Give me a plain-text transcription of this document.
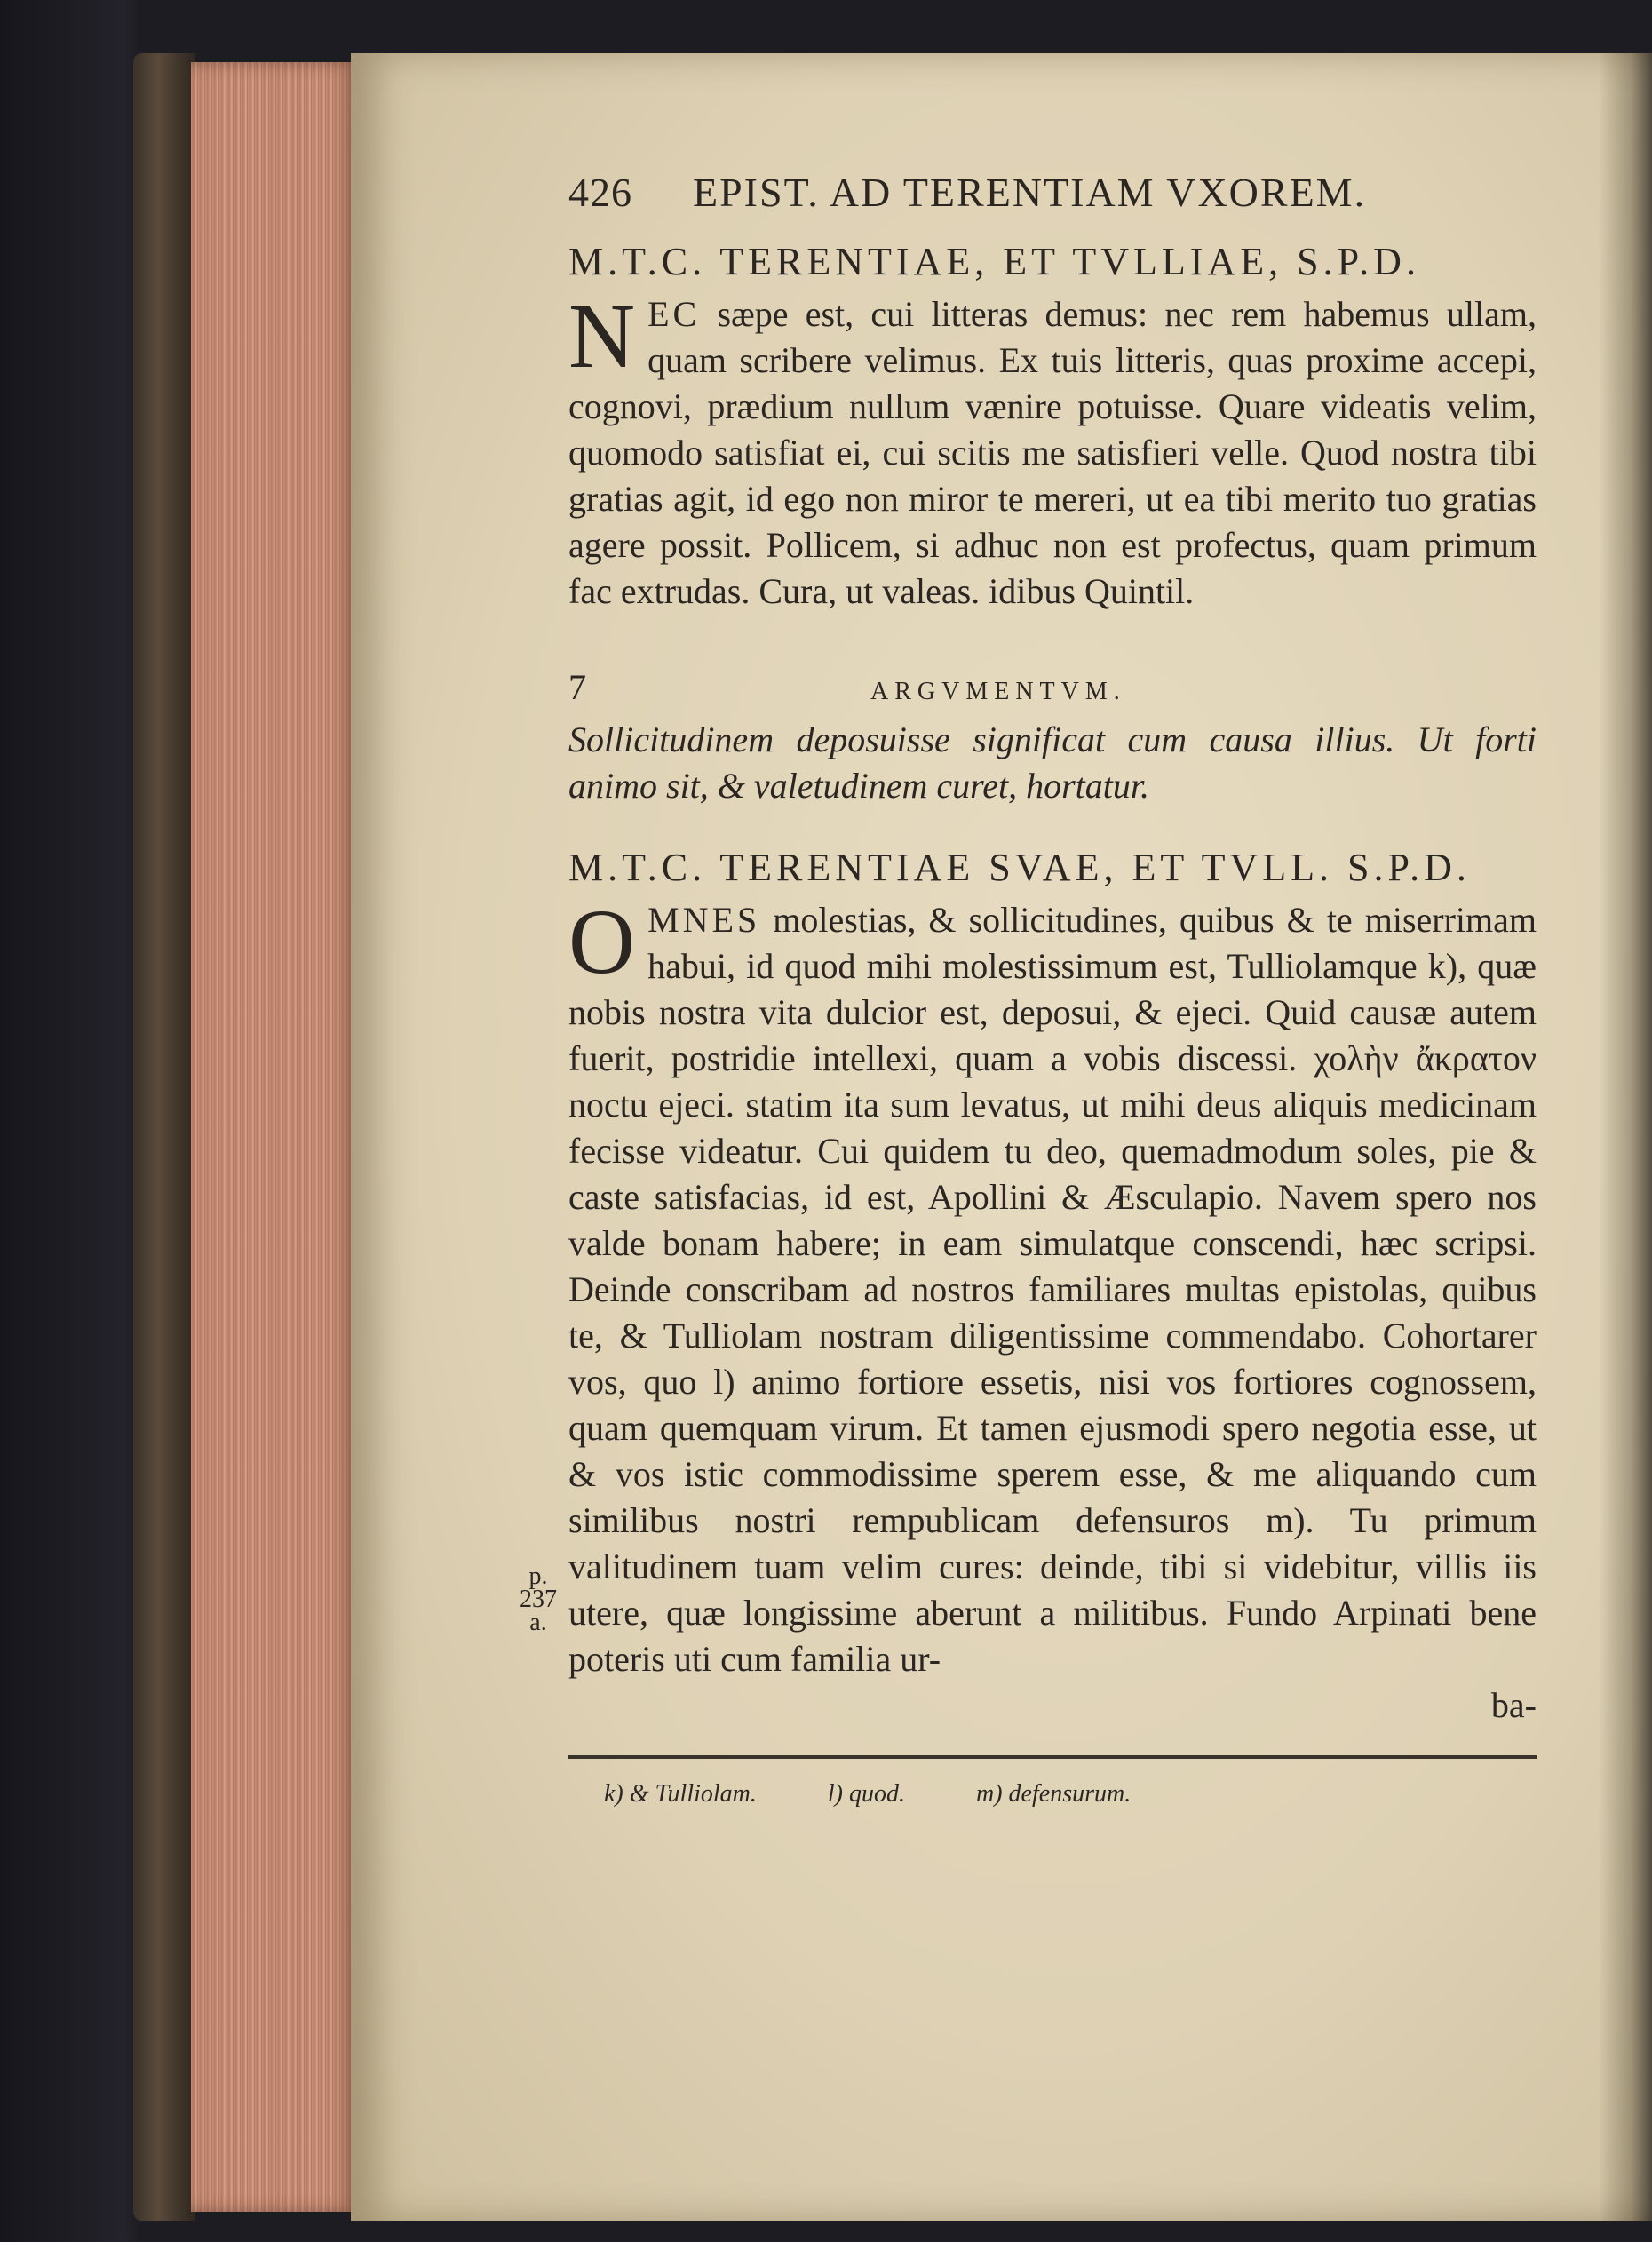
p.
237
a.
426	EPIST. AD TERENTIAM VXOREM.
M.T.C. TERENTIAE, ET TVLLIAE, S.P.D.

N EC sæpe est, cui litteras demus: nec rem habemus ullam, quam scribere velimus. Ex tuis litteris, quas proxime accepi, cognovi, prædium nullum vænire potuisse. Quare videatis velim, quomodo satisfiat ei, cui scitis me satisfieri velle. Quod nostra tibi gratias agit, id ego non miror te mereri, ut ea tibi merito tuo gratias agere possit. Pollicem, si adhuc non est profectus, quam primum fac extrudas. Cura, ut valeas. idibus Quintil.

7	ARGVMENTVM.

Sollicitudinem deposuisse significat cum causa illius. Ut forti animo sit, & valetudinem curet, hortatur.

M.T.C. TERENTIAE SVAE, ET TVLL. S.P.D.

O MNES molestias, & sollicitudines, quibus & te miserrimam habui, id quod mihi molestissimum est, Tulliolamque k), quæ nobis nostra vita dulcior est, deposui, & ejeci. Quid causæ autem fuerit, postridie intellexi, quam a vobis discessi. χολὴν ἄκρατον noctu ejeci. statim ita sum levatus, ut mihi deus aliquis medicinam fecisse videatur. Cui quidem tu deo, quemadmodum soles, pie & caste satisfacias, id est, Apollini & Æsculapio. Navem spero nos valde bonam habere; in eam simulatque conscendi, hæc scripsi. Deinde conscribam ad nostros familiares multas epistolas, quibus te, & Tulliolam nostram diligentissime commendabo. Cohortarer vos, quo l) animo fortiore essetis, nisi vos fortiores cognossem, quam quemquam virum. Et tamen ejusmodi spero negotia esse, ut & vos istic commodissime sperem esse, & me aliquando cum similibus nostri rempublicam defensuros m). Tu primum valitudinem tuam velim cures: deinde, tibi si videbitur, villis iis utere, quæ longissime aberunt a militibus. Fundo Arpinati bene poteris uti cum familia ur-

ba-
k) & Tulliolam.	l) quod.	m) defensurum.
